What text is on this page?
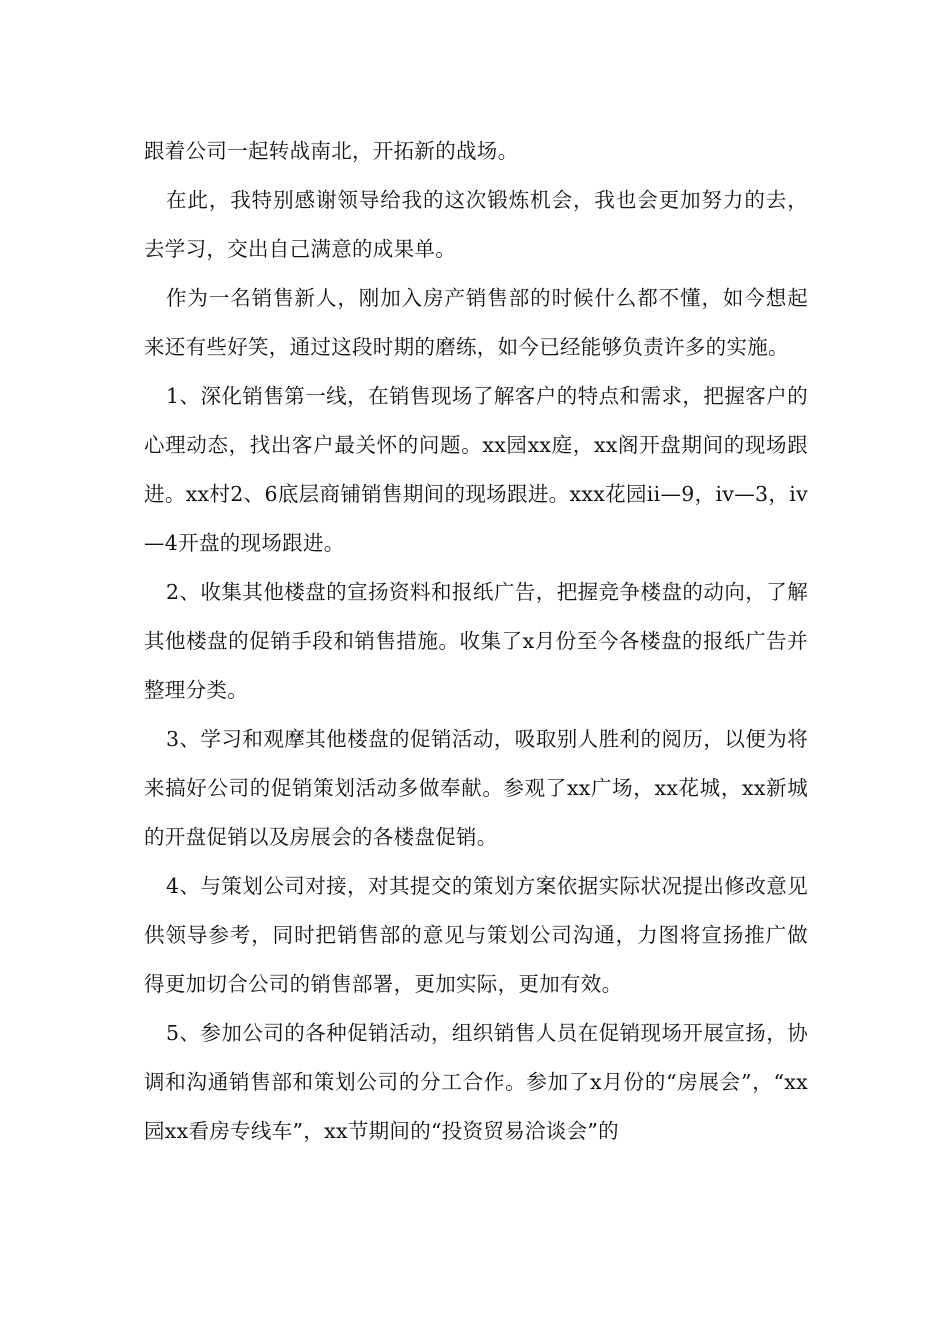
跟着公司一起转战南北，开拓新的战场。

在此，我特别感谢领导给我的这次锻炼机会，我也会更加努力的去，去学习，交出自己满意的成果单。

作为一名销售新人，刚加入房产销售部的时候什么都不懂，如今想起来还有些好笑，通过这段时期的磨练，如今已经能够负责许多的实施。

1、深化销售第一线，在销售现场了解客户的特点和需求，把握客户的心理动态，找出客户最关怀的问题。xx园xx庭，xx阁开盘期间的现场跟进。xx村2、6底层商铺销售期间的现场跟进。xxx花园ii—9，iv—3，iv—4开盘的现场跟进。

2、收集其他楼盘的宣扬资料和报纸广告，把握竞争楼盘的动向，了解其他楼盘的促销手段和销售措施。收集了x月份至今各楼盘的报纸广告并整理分类。

3、学习和观摩其他楼盘的促销活动，吸取别人胜利的阅历，以便为将来搞好公司的促销策划活动多做奉献。参观了xx广场，xx花城，xx新城的开盘促销以及房展会的各楼盘促销。

4、与策划公司对接，对其提交的策划方案依据实际状况提出修改意见供领导参考，同时把销售部的意见与策划公司沟通，力图将宣扬推广做得更加切合公司的销售部署，更加实际，更加有效。

5、参加公司的各种促销活动，组织销售人员在促销现场开展宣扬，协调和沟通销售部和策划公司的分工合作。参加了x月份的“房展会”，“xx园xx看房专线车”，xx节期间的“投资贸易洽谈会”的
